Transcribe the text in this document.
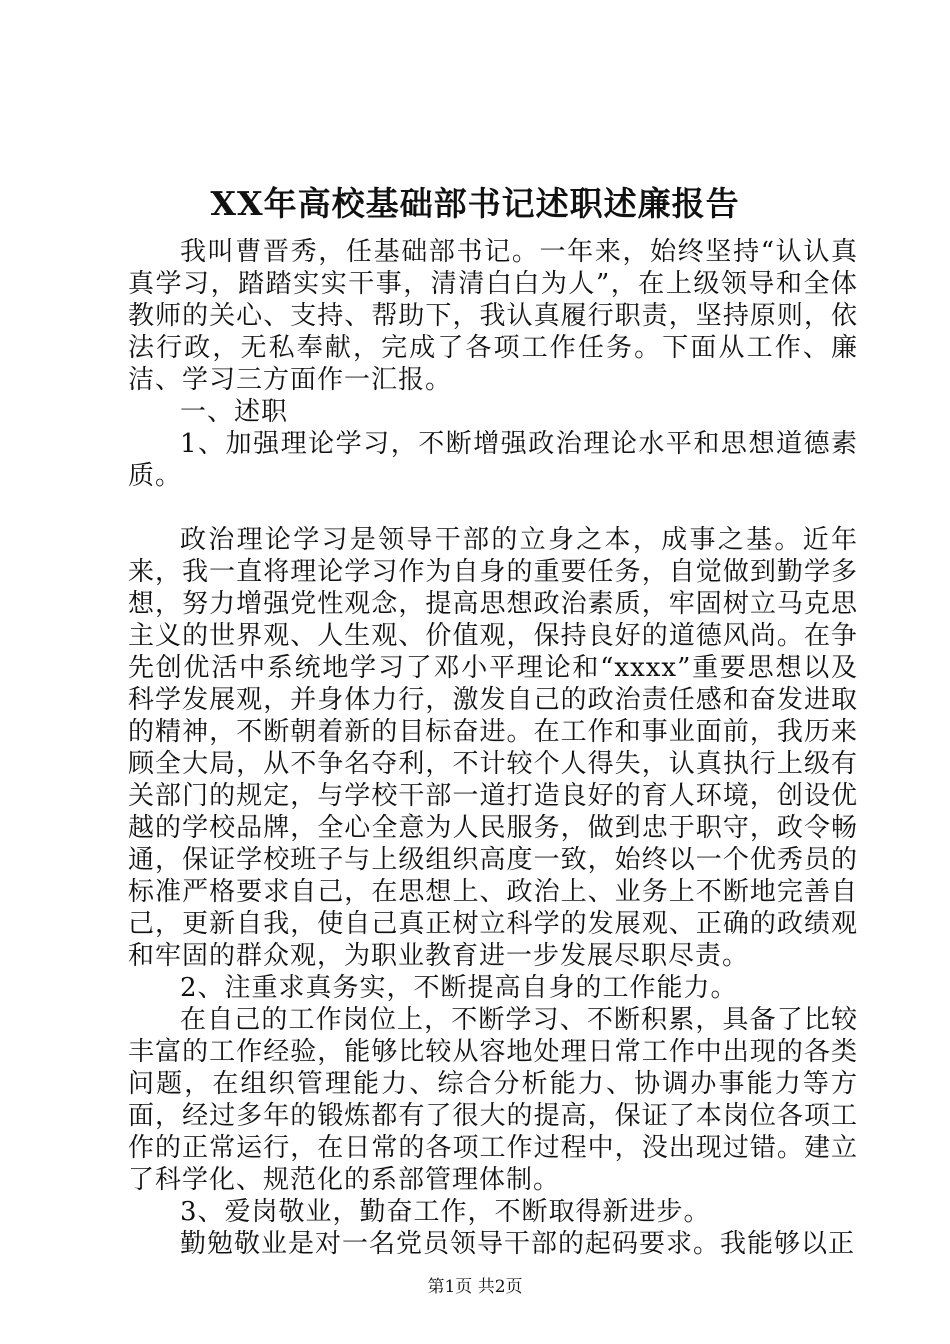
XX年高校基础部书记述职述廉报告

我叫曹晋秀，任基础部书记。一年来，始终坚持“认认真真学习，踏踏实实干事，清清白白为人”，在上级领导和全体教师的关心、支持、帮助下，我认真履行职责，坚持原则，依法行政，无私奉献，完成了各项工作任务。下面从工作、廉洁、学习三方面作一汇报。

一、述职

1、加强理论学习，不断增强政治理论水平和思想道德素质。

政治理论学习是领导干部的立身之本，成事之基。近年来，我一直将理论学习作为自身的重要任务，自觉做到勤学多想，努力增强党性观念，提高思想政治素质，牢固树立马克思主义的世界观、人生观、价值观，保持良好的道德风尚。在争先创优活中系统地学习了邓小平理论和“xxxx”重要思想以及科学发展观，并身体力行，激发自己的政治责任感和奋发进取的精神，不断朝着新的目标奋进。在工作和事业面前，我历来顾全大局，从不争名夺利，不计较个人得失，认真执行上级有关部门的规定，与学校干部一道打造良好的育人环境，创设优越的学校品牌，全心全意为人民服务，做到忠于职守，政令畅通，保证学校班子与上级组织高度一致，始终以一个优秀员的标准严格要求自己，在思想上、政治上、业务上不断地完善自己，更新自我，使自己真正树立科学的发展观、正确的政绩观和牢固的群众观，为职业教育进一步发展尽职尽责。

2、注重求真务实，不断提高自身的工作能力。

在自己的工作岗位上，不断学习、不断积累，具备了比较丰富的工作经验，能够比较从容地处理日常工作中出现的各类问题，在组织管理能力、综合分析能力、协调办事能力等方面，经过多年的锻炼都有了很大的提高，保证了本岗位各项工作的正常运行，在日常的各项工作过程中，没出现过错。建立了科学化、规范化的系部管理体制。

3、爱岗敬业，勤奋工作，不断取得新进步。

勤勉敬业是对一名党员领导干部的起码要求。我能够以正

第1页 共2页
